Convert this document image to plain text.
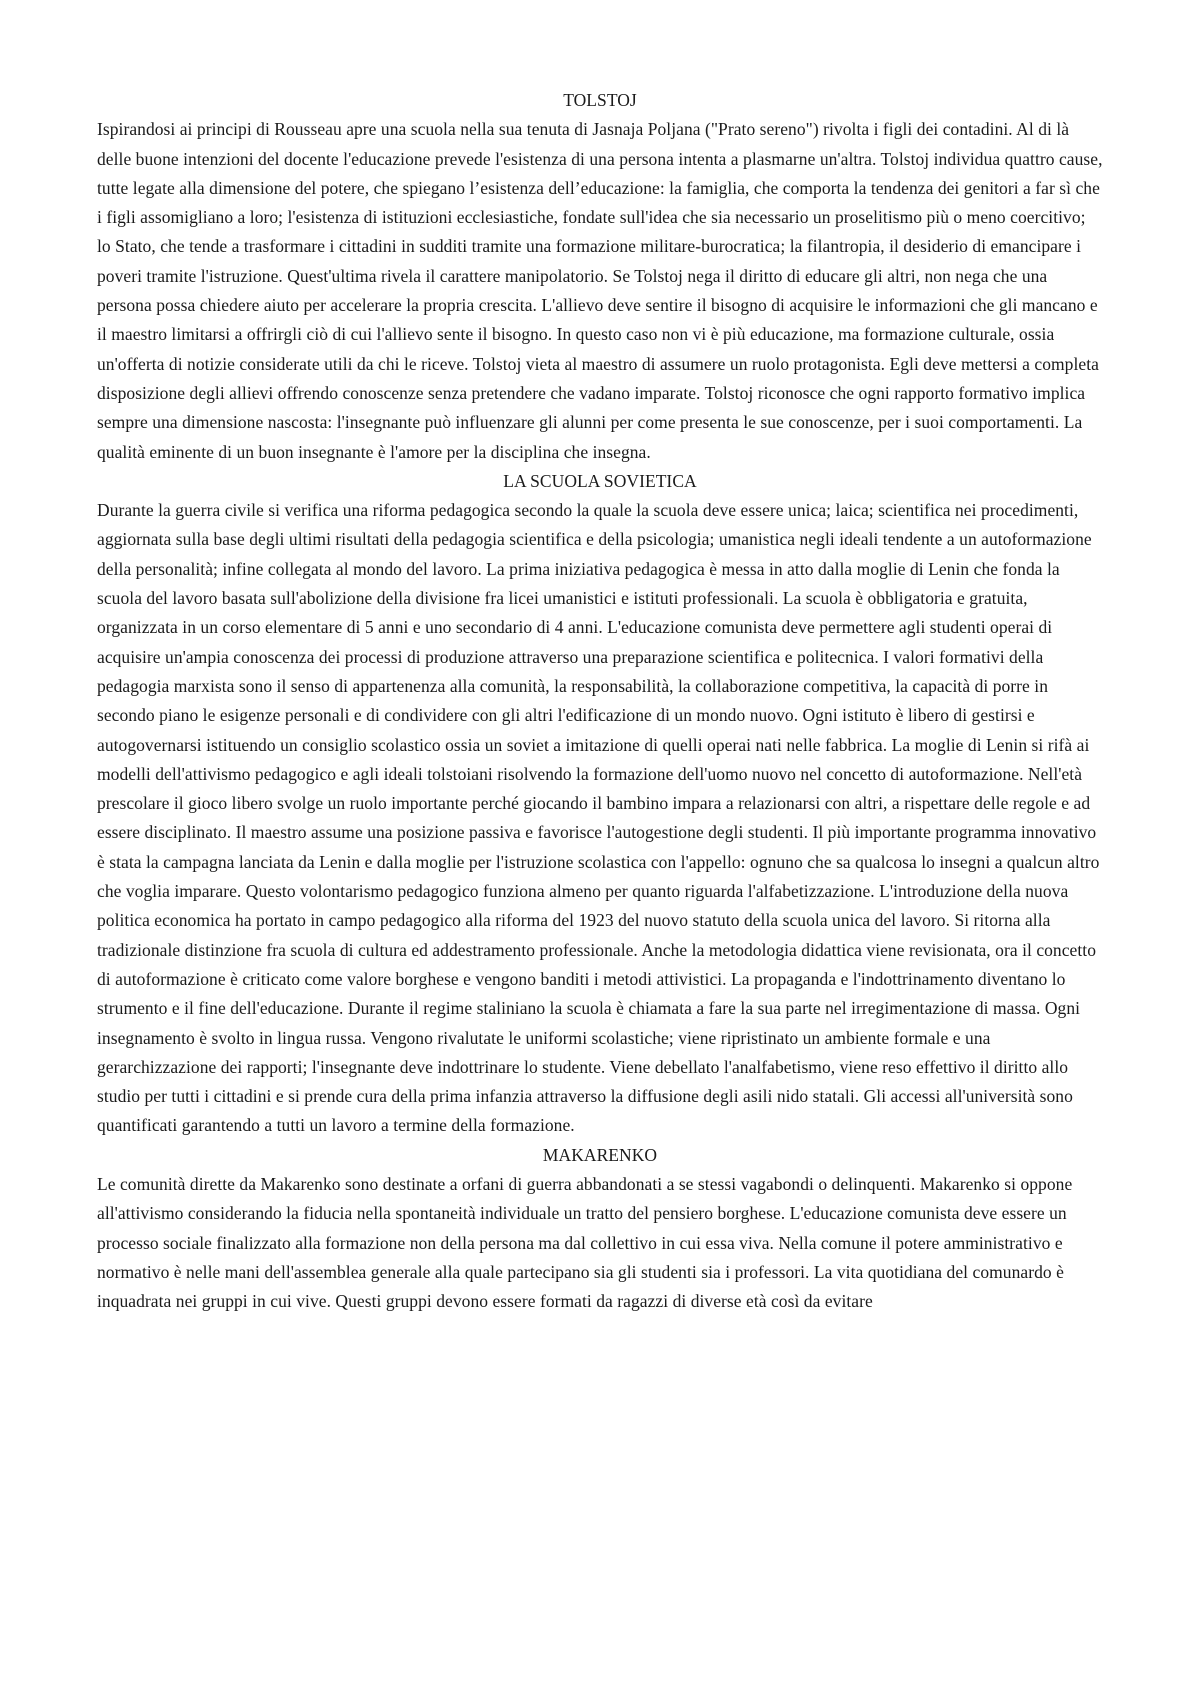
TOLSTOJ

Ispirandosi ai principi di Rousseau apre una scuola nella sua tenuta di Jasnaja Poljana ("Prato sereno") rivolta i figli dei contadini. Al di là delle buone intenzioni del docente l'educazione prevede l'esistenza di una persona intenta a plasmarne un'altra. Tolstoj individua quattro cause, tutte legate alla dimensione del potere, che spiegano l’esistenza dell’educazione: la famiglia, che comporta la tendenza dei genitori a far sì che i figli assomigliano a loro; l'esistenza di istituzioni ecclesiastiche, fondate sull'idea che sia necessario un proselitismo più o meno coercitivo; lo Stato, che tende a trasformare i cittadini in sudditi tramite una formazione militare-burocratica; la filantropia, il desiderio di emancipare i poveri tramite l'istruzione. Quest'ultima rivela il carattere manipolatorio. Se Tolstoj nega il diritto di educare gli altri, non nega che una persona possa chiedere aiuto per accelerare la propria crescita. L'allievo deve sentire il bisogno di acquisire le informazioni che gli mancano e il maestro limitarsi a offrirgli ciò di cui l'allievo sente il bisogno. In questo caso non vi è più educazione, ma formazione culturale, ossia un'offerta di notizie considerate utili da chi le riceve. Tolstoj vieta al maestro di assumere un ruolo protagonista. Egli deve mettersi a completa disposizione degli allievi offrendo conoscenze senza pretendere che vadano imparate. Tolstoj riconosce che ogni rapporto formativo implica sempre una dimensione nascosta: l'insegnante può influenzare gli alunni per come presenta le sue conoscenze, per i suoi comportamenti. La qualità eminente di un buon insegnante è l'amore per la disciplina che insegna.

LA SCUOLA SOVIETICA

Durante la guerra civile si verifica una riforma pedagogica secondo la quale la scuola deve essere unica; laica; scientifica nei procedimenti, aggiornata sulla base degli ultimi risultati della pedagogia scientifica e della psicologia; umanistica negli ideali tendente a un autoformazione della personalità; infine collegata al mondo del lavoro. La prima iniziativa pedagogica è messa in atto dalla moglie di Lenin che fonda la scuola del lavoro basata sull'abolizione della divisione fra licei umanistici e istituti professionali. La scuola è obbligatoria e gratuita, organizzata in un corso elementare di 5 anni e uno secondario di 4 anni. L'educazione comunista deve permettere agli studenti operai di acquisire un'ampia conoscenza dei processi di produzione attraverso una preparazione scientifica e politecnica. I valori formativi della pedagogia marxista sono il senso di appartenenza alla comunità, la responsabilità, la collaborazione competitiva, la capacità di porre in secondo piano le esigenze personali e di condividere con gli altri l'edificazione di un mondo nuovo. Ogni istituto è libero di gestirsi e autogovernarsi istituendo un consiglio scolastico ossia un soviet a imitazione di quelli operai nati nelle fabbrica. La moglie di Lenin si rifà ai modelli dell'attivismo pedagogico e agli ideali tolstoiani risolvendo la formazione dell'uomo nuovo nel concetto di autoformazione. Nell'età prescolare il gioco libero svolge un ruolo importante perché giocando il bambino impara a relazionarsi con altri, a rispettare delle regole e ad essere disciplinato. Il maestro assume una posizione passiva e favorisce l'autogestione degli studenti. Il più importante programma innovativo è stata la campagna lanciata da Lenin e dalla moglie per l'istruzione scolastica con l'appello: ognuno che sa qualcosa lo insegni a qualcun altro che voglia imparare. Questo volontarismo pedagogico funziona almeno per quanto riguarda l'alfabetizzazione. L'introduzione della nuova politica economica ha portato in campo pedagogico alla riforma del 1923 del nuovo statuto della scuola unica del lavoro. Si ritorna alla tradizionale distinzione fra scuola di cultura ed addestramento professionale. Anche la metodologia didattica viene revisionata, ora il concetto di autoformazione è criticato come valore borghese e vengono banditi i metodi attivistici. La propaganda e l'indottrinamento diventano lo strumento e il fine dell'educazione. Durante il regime staliniano la scuola è chiamata a fare la sua parte nel irregimentazione di massa. Ogni insegnamento è svolto in lingua russa. Vengono rivalutate le uniformi scolastiche; viene ripristinato un ambiente formale e una gerarchizzazione dei rapporti; l'insegnante deve indottrinare lo studente. Viene debellato l'analfabetismo, viene reso effettivo il diritto allo studio per tutti i cittadini e si prende cura della prima infanzia attraverso la diffusione degli asili nido statali. Gli accessi all'università sono quantificati garantendo a tutti un lavoro a termine della formazione.

MAKARENKO

Le comunità dirette da Makarenko sono destinate a orfani di guerra abbandonati a se stessi vagabondi o delinquenti. Makarenko si oppone all'attivismo considerando la fiducia nella spontaneità individuale un tratto del pensiero borghese. L'educazione comunista deve essere un processo sociale finalizzato alla formazione non della persona ma dal collettivo in cui essa viva. Nella comune il potere amministrativo e normativo è nelle mani dell'assemblea generale alla quale partecipano sia gli studenti sia i professori. La vita quotidiana del comunardo è inquadrata nei gruppi in cui vive. Questi gruppi devono essere formati da ragazzi di diverse età così da evitare
